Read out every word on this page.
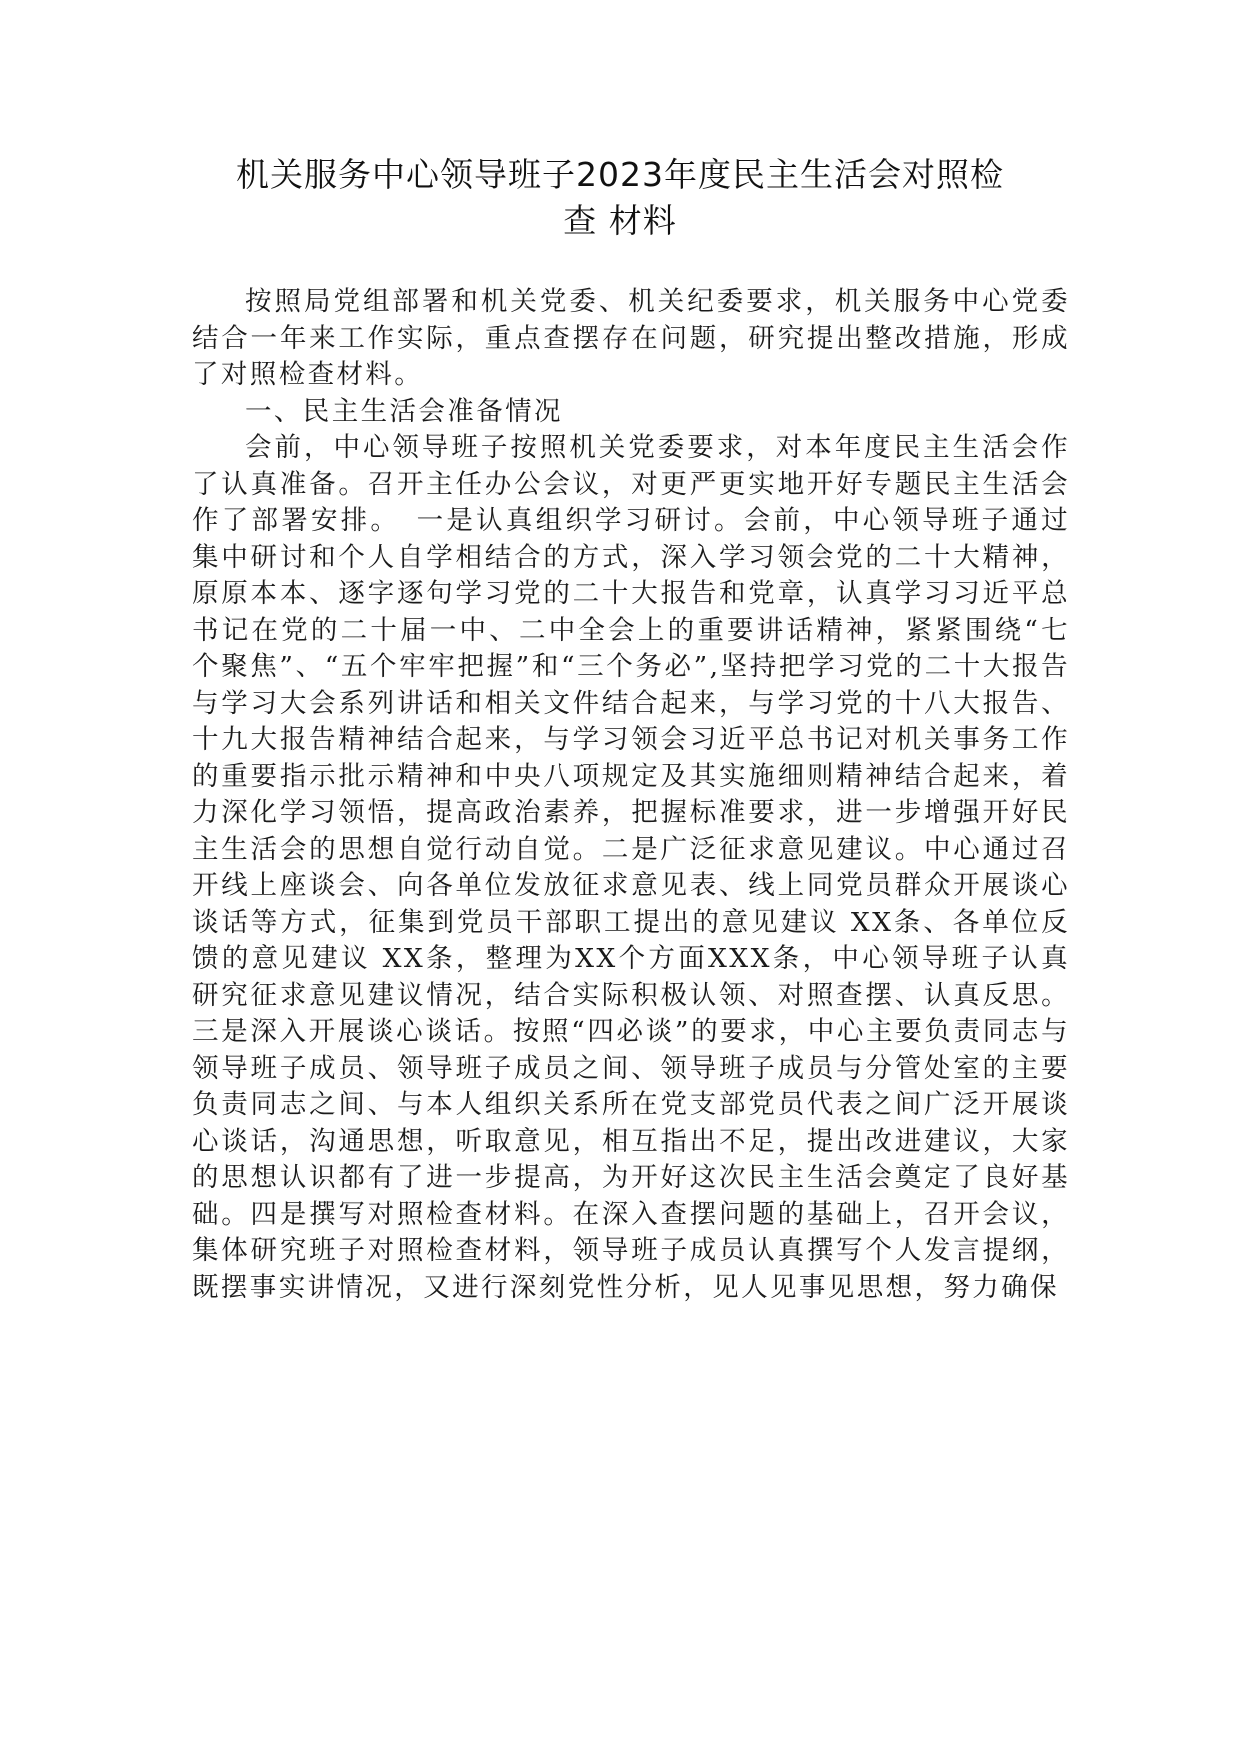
机关服务中心领导班子2023年度民主生活会对照检
查 材料

按照局党组部署和机关党委、机关纪委要求，机关服务中心党委结合一年来工作实际，重点查摆存在问题，研究提出整改措施，形成了对照检查材料。

一、民主生活会准备情况

会前，中心领导班子按照机关党委要求，对本年度民主生活会作了认真准备。召开主任办公会议，对更严更实地开好专题民主生活会作了部署安排。　一是认真组织学习研讨。会前，中心领导班子通过集中研讨和个人自学相结合的方式，深入学习领会党的二十大精神，原原本本、逐字逐句学习党的二十大报告和党章，认真学习习近平总书记在党的二十届一中、二中全会上的重要讲话精神，紧紧围绕“七个聚焦”、“五个牢牢把握”和“三个务必”,坚持把学习党的二十大报告与学习大会系列讲话和相关文件结合起来，与学习党的十八大报告、十九大报告精神结合起来，与学习领会习近平总书记对机关事务工作的重要指示批示精神和中央八项规定及其实施细则精神结合起来，着力深化学习领悟，提高政治素养，把握标准要求，进一步增强开好民主生活会的思想自觉行动自觉。二是广泛征求意见建议。中心通过召开线上座谈会、向各单位发放征求意见表、线上同党员群众开展谈心谈话等方式，征集到党员干部职工提出的意见建议 XX条、各单位反馈的意见建议 XX条，整理为XX个方面XXX条，中心领导班子认真研究征求意见建议情况，结合实际积极认领、对照查摆、认真反思。三是深入开展谈心谈话。按照“四必谈”的要求，中心主要负责同志与领导班子成员、领导班子成员之间、领导班子成员与分管处室的主要负责同志之间、与本人组织关系所在党支部党员代表之间广泛开展谈心谈话，沟通思想，听取意见，相互指出不足，提出改进建议，大家的思想认识都有了进一步提高，为开好这次民主生活会奠定了良好基础。四是撰写对照检查材料。在深入查摆问题的基础上，召开会议，集体研究班子对照检查材料，领导班子成员认真撰写个人发言提纲，既摆事实讲情况，又进行深刻党性分析，见人见事见思想，努力确保
